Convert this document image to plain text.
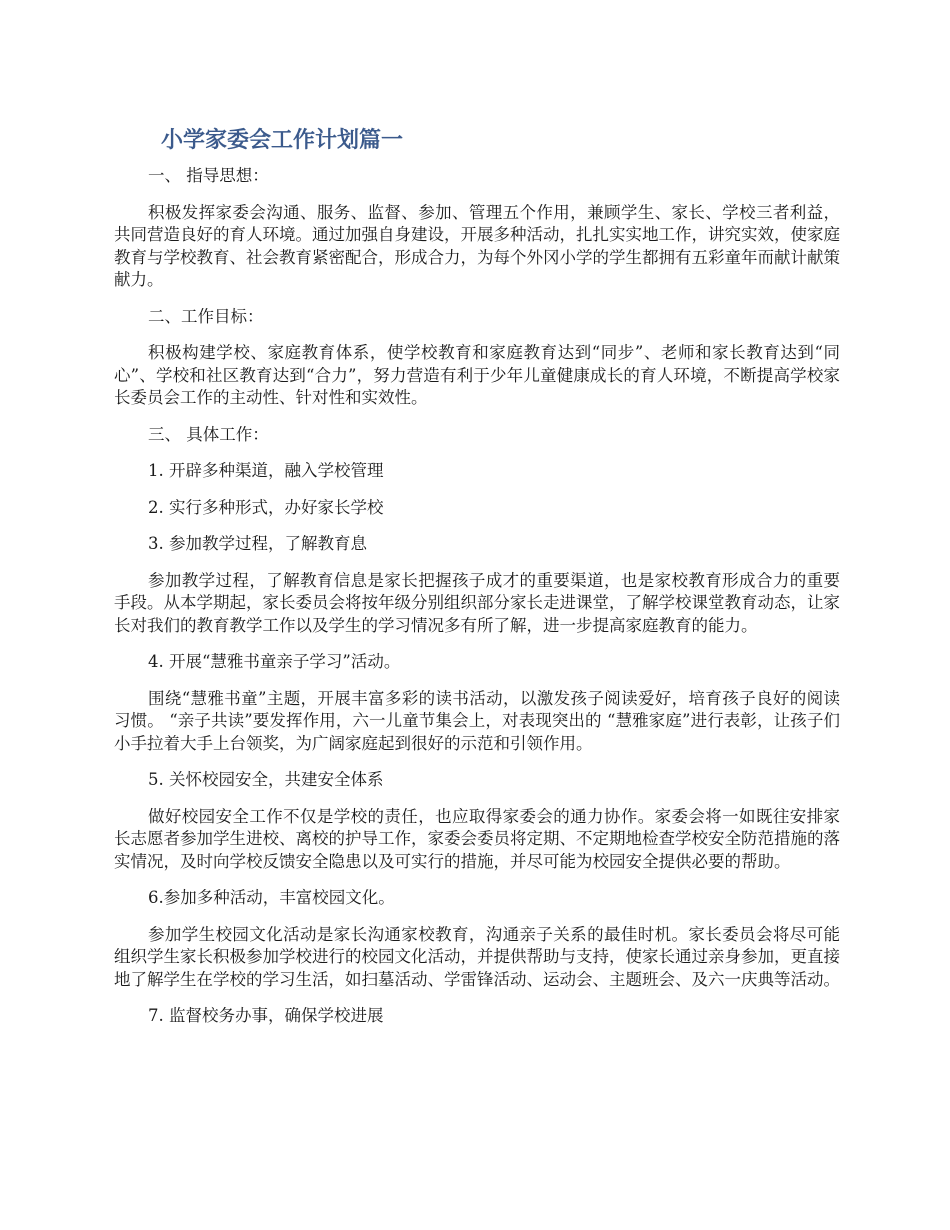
小学家委会工作计划篇一

一、 指导思想：

积极发挥家委会沟通、服务、监督、参加、管理五个作用，兼顾学生、家长、学校三者利益，共同营造良好的育人环境。通过加强自身建设，开展多种活动，扎扎实实地工作，讲究实效，使家庭教育与学校教育、社会教育紧密配合，形成合力，为每个外冈小学的学生都拥有五彩童年而献计献策献力。

二、工作目标：

积极构建学校、家庭教育体系，使学校教育和家庭教育达到“同步”、老师和家长教育达到“同心”、学校和社区教育达到“合力”，努力营造有利于少年儿童健康成长的育人环境，不断提高学校家长委员会工作的主动性、针对性和实效性。

三、 具体工作：

1. 开辟多种渠道，融入学校管理

2. 实行多种形式，办好家长学校

3. 参加教学过程，了解教育息

参加教学过程，了解教育信息是家长把握孩子成才的重要渠道，也是家校教育形成合力的重要手段。从本学期起，家长委员会将按年级分别组织部分家长走进课堂，了解学校课堂教育动态，让家长对我们的教育教学工作以及学生的学习情况多有所了解，进一步提高家庭教育的能力。

4. 开展“慧雅书童亲子学习”活动。

围绕“慧雅书童”主题，开展丰富多彩的读书活动，以激发孩子阅读爱好，培育孩子良好的阅读习惯。 “亲子共读”要发挥作用，六一儿童节集会上，对表现突出的 “慧雅家庭”进行表彰，让孩子们小手拉着大手上台领奖，为广阔家庭起到很好的示范和引领作用。

5. 关怀校园安全，共建安全体系

做好校园安全工作不仅是学校的责任，也应取得家委会的通力协作。家委会将一如既往安排家长志愿者参加学生进校、离校的护导工作，家委会委员将定期、不定期地检查学校安全防范措施的落实情况，及时向学校反馈安全隐患以及可实行的措施，并尽可能为校园安全提供必要的帮助。

6.参加多种活动，丰富校园文化。

参加学生校园文化活动是家长沟通家校教育，沟通亲子关系的最佳时机。家长委员会将尽可能组织学生家长积极参加学校进行的校园文化活动，并提供帮助与支持，使家长通过亲身参加，更直接地了解学生在学校的学习生活，如扫墓活动、学雷锋活动、运动会、主题班会、及六一庆典等活动。

7. 监督校务办事，确保学校进展
